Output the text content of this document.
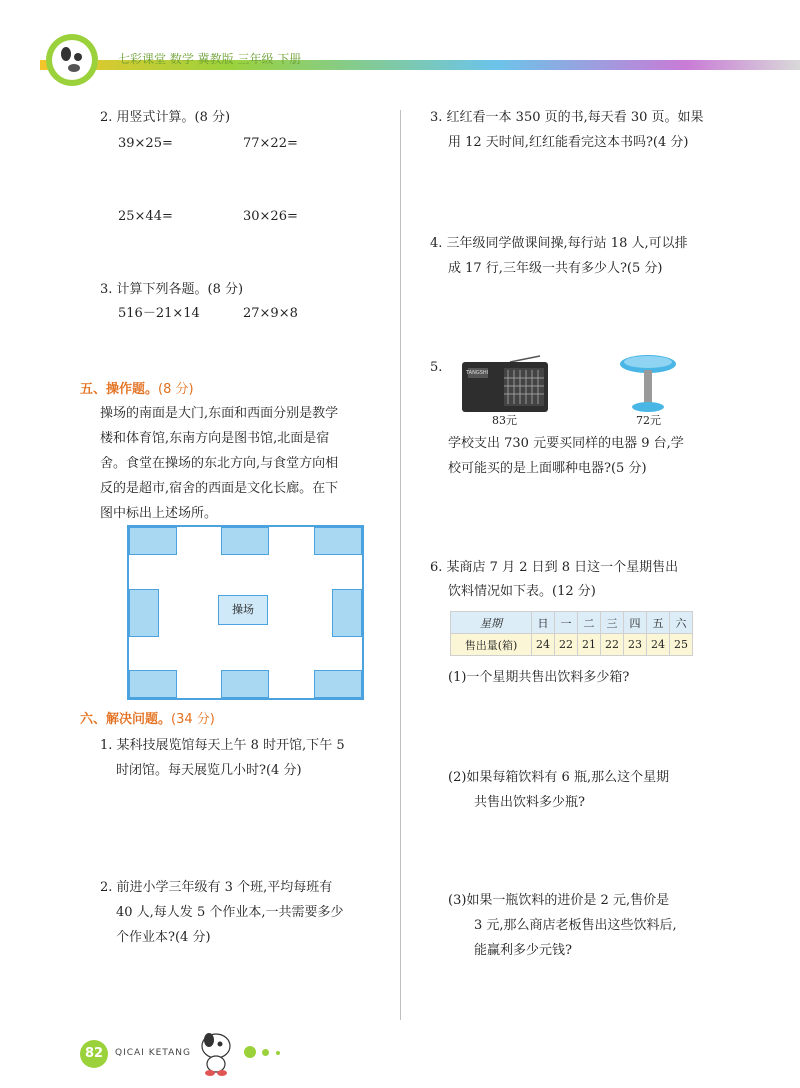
七彩课堂 数学 冀教版 三年级 下册
2. 用竖式计算。(8 分)
39×25=	77×22=
25×44=	30×26=
3. 计算下列各题。(8 分)
516－21×14	27×9×8
五、操作题。(8 分)
操场的南面是大门,东面和西面分别是教学
楼和体育馆,东南方向是图书馆,北面是宿
舍。食堂在操场的东北方向,与食堂方向相
反的是超市,宿舍的西面是文化长廊。在下
图中标出上述场所。
操场
六、解决问题。(34 分)
1. 某科技展览馆每天上午 8 时开馆,下午 5
时闭馆。每天展览几小时?(4 分)
2. 前进小学三年级有 3 个班,平均每班有
40 人,每人发 5 个作业本,一共需要多少
个作业本?(4 分)
3. 红红看一本 350 页的书,每天看 30 页。如果
用 12 天时间,红红能看完这本书吗?(4 分)
4. 三年级同学做课间操,每行站 18 人,可以排
成 17 行,三年级一共有多少人?(5 分)
5.	TANGSHI
83元	72元
学校支出 730 元要买同样的电器 9 台,学
校可能买的是上面哪种电器?(5 分)
6. 某商店 7 月 2 日到 8 日这一个星期售出
饮料情况如下表。(12 分)
星期	日	一	二	三	四	五	六
售出量(箱)	24	22	21	22	23	24	25
(1)一个星期共售出饮料多少箱?
(2)如果每箱饮料有 6 瓶,那么这个星期
共售出饮料多少瓶?
(3)如果一瓶饮料的进价是 2 元,售价是
3 元,那么商店老板售出这些饮料后,
能赢利多少元钱?
82	QICAI KETANG
